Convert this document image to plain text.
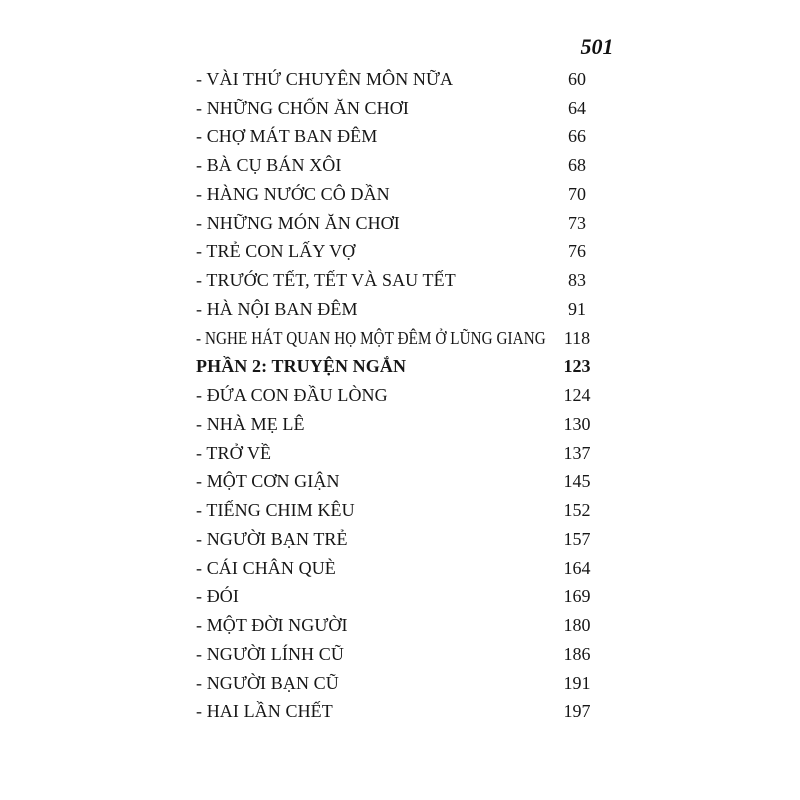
501
- VÀI THỨ CHUYÊN MÔN NỮA	60
- NHỮNG CHỐN ĂN CHƠI	64
- CHỢ MÁT BAN ĐÊM	66
- BÀ CỤ BÁN XÔI	68
- HÀNG NƯỚC CÔ DẦN	70
- NHỮNG MÓN ĂN CHƠI	73
- TRẺ CON LẤY VỢ	76
- TRƯỚC TẾT, TẾT VÀ SAU TẾT	83
- HÀ NỘI BAN ĐÊM	91
- NGHE HÁT QUAN HỌ MỘT ĐÊM Ở LŨNG GIANG	118
PHẦN 2: TRUYỆN NGẮN	123
- ĐỨA CON ĐẦU LÒNG	124
- NHÀ MẸ LÊ	130
- TRỞ VỀ	137
- MỘT CƠN GIẬN	145
- TIẾNG CHIM KÊU	152
- NGƯỜI BẠN TRẺ	157
- CÁI CHÂN QUÈ	164
- ĐÓI	169
- MỘT ĐỜI NGƯỜI	180
- NGƯỜI LÍNH CŨ	186
- NGƯỜI BẠN CŨ	191
- HAI LẦN CHẾT	197
